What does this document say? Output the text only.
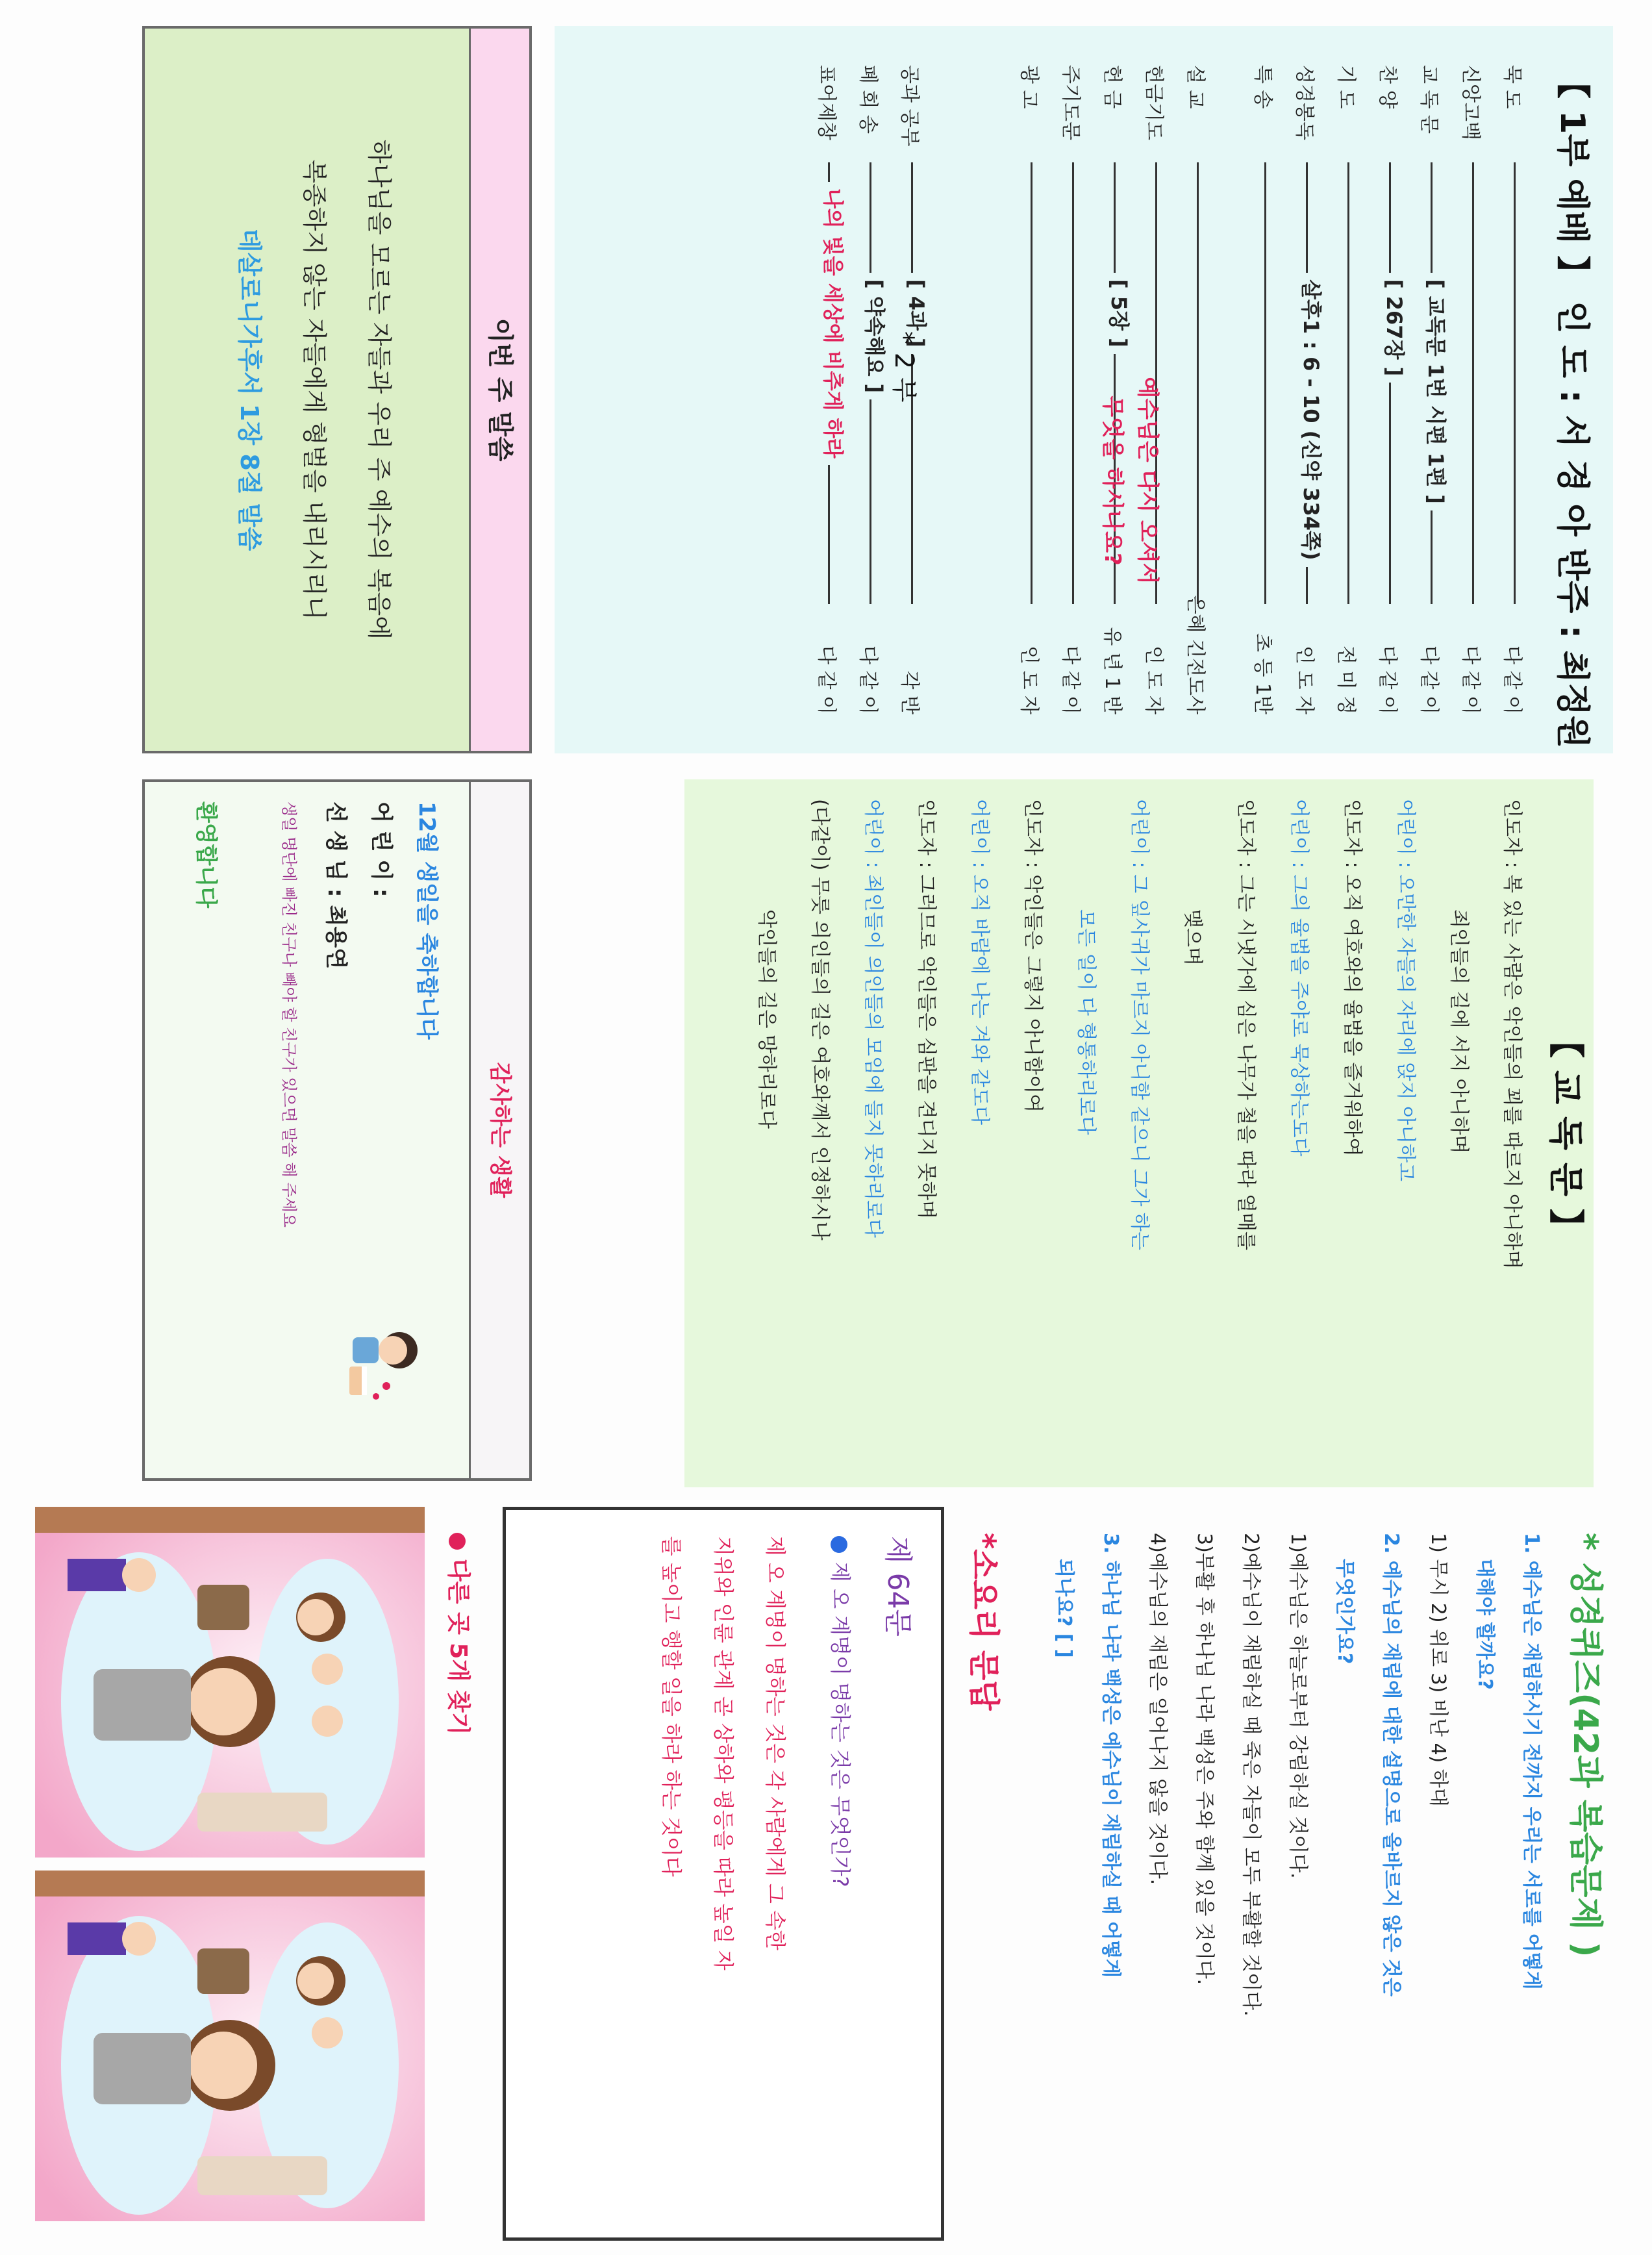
【 1부 예배 】 인 도 : 서 경 아 반주 : 최정원
묵 도
다 같 이
신앙고백
다 같 이
교 독 문
[ 교독문 1번 시편 1편 ]
다 같 이
찬 양
[ 267장 ]
다 같 이
기 도
전 미 정
성경봉독
살후1 : 6 - 10 (신약 334쪽)
인 도 자
특 송
초 등 1반
설 교
은혜 긴전도사
헌금기도
인 도 자
헌 금
[ 5장 ]
유 년 1 반
주기도문
다 같 이
광 고
인 도 자
공과 공부
[ 4과 ]
각 반
폐 회 송
[ 약속해요 ]
다 같 이
표어제창
나의 빛을 세상에 비추게 하라
다 같 이
예수님은 다시 오셔서
무엇을 하시나요?
* 2 부
이번 주 말씀
하나님을 모르는 자들과 우리 주 예수의 복음에
복종하지 않는 자들에게 형벌을 내리시리니
데살로니가후서 1장 8절 말씀
【 교 독 문 】
인도자 : 복 있는 사람은 악인들의 꾀를 따르지 아니하며
죄인들의 길에 서지 아니하며
어린이 : 오만한 자들의 자리에 앉지 아니하고
인도자 : 오직 여호와의 율법을 즐거워하여
어린이 : 그의 율법을 주야로 묵상하는도다
인도자 : 그는 시냇가에 심은 나무가 철을 따라 열매를
맺으며
어린이 : 그 잎사귀가 마르지 아니함 같으니 그가 하는
모든 일이 다 형통하리로다
인도자 : 악인들은 그렇지 아니함이여
어린이 : 오직 바람에 나는 겨와 같도다
인도자 : 그러므로 악인들은 심판을 견디지 못하며
어린이 : 죄인들이 의인들의 모임에 들지 못하리로다
(다같이) 무릇 의인들의 길은 여호와께서 인정하시나
악인들의 길은 망하리로다
감사하는 생활
12월 생일을 축하합니다
어 린 이 :
선 생 님 : 최용연
생일 명단에 빠진 친구나 빼야 할 친구가 있으면 말씀 해 주세요
환영합니다
* 성경퀴즈(42과 복습문제 )
1. 예수님은 재림하시기 전까지 우리는 서로를 어떻게
대해야 할까요?
1) 무시 2) 위로 3) 비난 4) 하대
2. 예수님의 재림에 대한 설명으로 올바르지 않은 것은
무엇인가요?
1)예수님은 하늘로부터 강림하실 것이다.
2)예수님이 재림하실 때 죽은 자들이 모두 부활할 것이다.
3)부활 후 하나님 나라 백성은 주와 함께 있을 것이다.
4)예수님의 재림은 일어나지 않을 것이다.
3. 하나님 나라 백성은 예수님이 재림하실 때 어떻게
되나요? [ ]
*소요리 문답
제 64문
제 오 계명이 명하는 것은 무엇인가?
제 오 계명이 명하는 것은 각 사람에게 그 속한
지위와 인륜 관계 곧 상하와 평등을 따라 높일 자
를 높이고 행할 일을 하라 하는 것이다
다른 곳 5개 찾기
